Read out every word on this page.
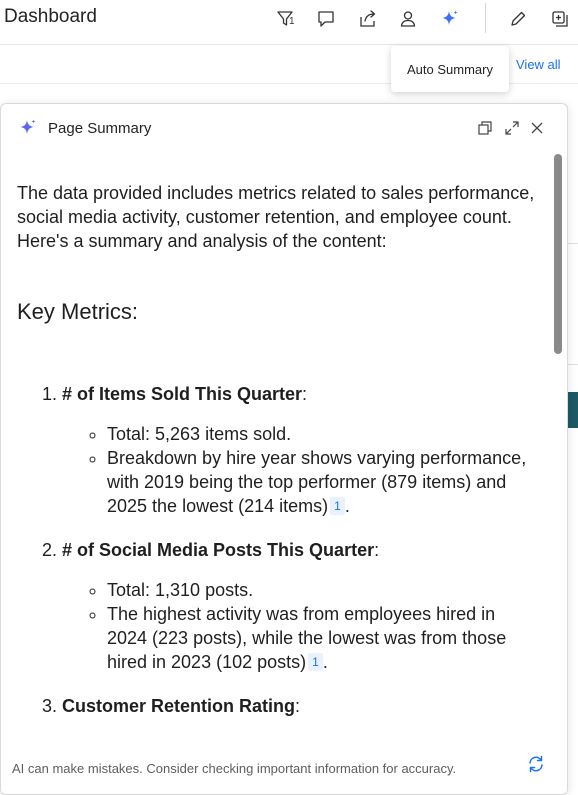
Dashboard	1
View all
Auto Summary
Page Summary

The data provided includes metrics related to sales performance, social media activity, customer retention, and employee count. Here's a summary and analysis of the content:

Key Metrics:
1. # of Items Sold This Quarter:
◦ Total: 5,263 items sold.
◦ Breakdown by hire year shows varying performance, with 2019 being the top performer (879 items) and 2025 the lowest (214 items) 1 .
2. # of Social Media Posts This Quarter:
◦ Total: 1,310 posts.
◦ The highest activity was from employees hired in 2024 (223 posts), while the lowest was from those hired in 2023 (102 posts) 1 .
3. Customer Retention Rating:
AI can make mistakes. Consider checking important information for accuracy.
